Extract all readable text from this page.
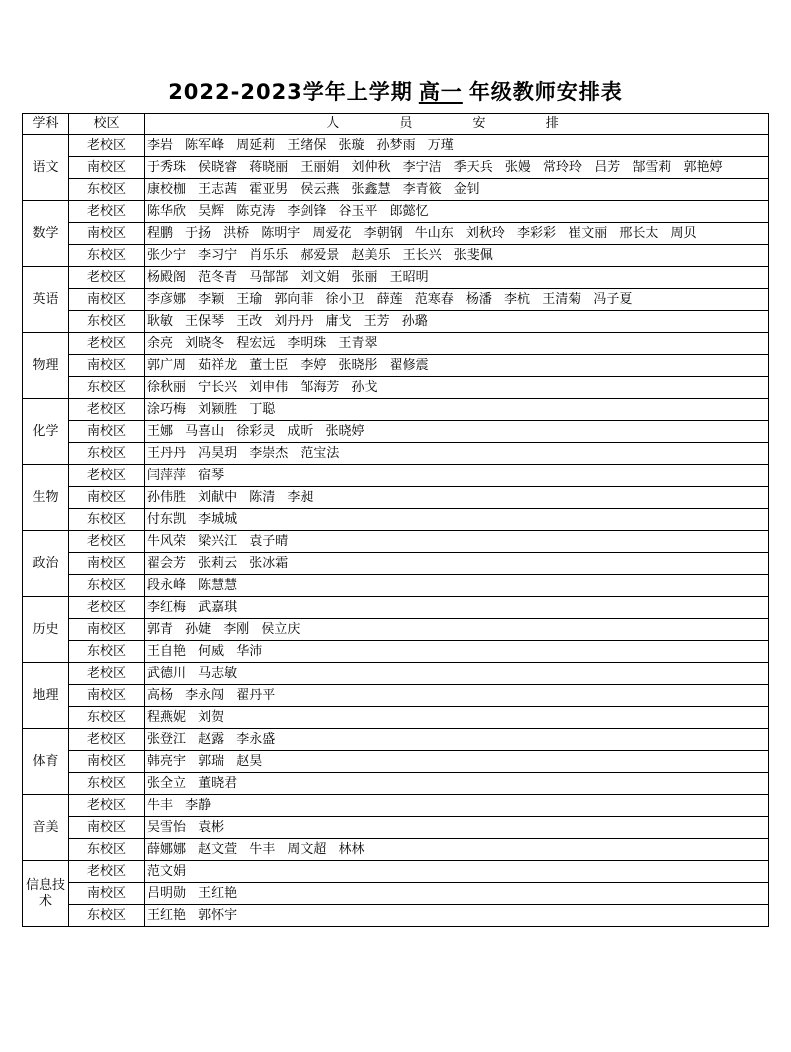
2022-2023学年上学期 高一 年级教师安排表
学科	校区	人 员 安 排
语文	老校区	李岩 陈军峰 周延莉 王绪保 张璇 孙梦雨 万瑾
	南校区	于秀珠 侯晓睿 蒋晓丽 王丽娟 刘仲秋 李宁洁 季天兵 张嫚 常玲玲 吕芳 郜雪莉 郭艳婷
	东校区	康校枷 王志茜 霍亚男 侯云燕 张鑫慧 李青筱 金钊
数学	老校区	陈华欣 吴辉 陈克涛 李剑锋 谷玉平 郎懿忆
	南校区	程鹏 于扬 洪桥 陈明宇 周爱花 李朝钢 牛山东 刘秋玲 李彩彩 崔文丽 邢长太 周贝
	东校区	张少宁 李习宁 肖乐乐 郝爱景 赵美乐 王长兴 张斐佩
英语	老校区	杨殿阁 范冬青 马郜郜 刘文娟 张丽 王昭明
	南校区	李彦娜 李颖 王瑜 郭向菲 徐小卫 薛莲 范寒春 杨潘 李杭 王清菊 冯子夏
	东校区	耿敏 王保琴 王改 刘丹丹 庸戈 王芳 孙璐
物理	老校区	余亮 刘晓冬 程宏远 李明珠 王青翠
	南校区	郭广周 茹祥龙 董士臣 李婷 张晓彤 翟修震
	东校区	徐秋丽 宁长兴 刘申伟 邹海芳 孙戈
化学	老校区	涂巧梅 刘颍胜 丁聪
	南校区	王娜 马喜山 徐彩灵 成昕 张晓婷
	东校区	王丹丹 冯昊玥 李崇杰 范宝法
生物	老校区	闫萍萍 宿琴
	南校区	孙伟胜 刘献中 陈清 李昶
	东校区	付东凯 李城城
政治	老校区	牛风荣 梁兴江 袁子晴
	南校区	翟会芳 张莉云 张冰霜
	东校区	段永峰 陈慧慧
历史	老校区	李红梅 武嘉琪
	南校区	郭青 孙婕 李刚 侯立庆
	东校区	王自艳 何威 华沛
地理	老校区	武德川 马志敏
	南校区	高杨 李永闯 翟丹平
	东校区	程燕妮 刘贺
体育	老校区	张登江 赵露 李永盛
	南校区	韩亮宇 郭瑞 赵昊
	东校区	张全立 董晓君
音美	老校区	牛丰 李静
	南校区	吴雪怡 袁彬
	东校区	薛娜娜 赵文萱 牛丰 周文超 林林
信息技术	老校区	范文娟
	南校区	吕明勋 王红艳
	东校区	王红艳 郭怀宇
